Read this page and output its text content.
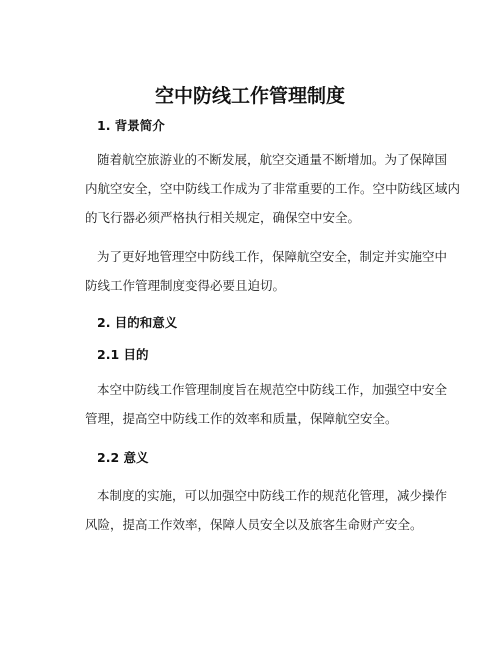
空中防线工作管理制度
1. 背景简介
随着航空旅游业的不断发展，航空交通量不断增加。为了保障国
内航空安全，空中防线工作成为了非常重要的工作。空中防线区域内
的飞行器必须严格执行相关规定，确保空中安全。
为了更好地管理空中防线工作，保障航空安全，制定并实施空中
防线工作管理制度变得必要且迫切。
2. 目的和意义
2.1 目的
本空中防线工作管理制度旨在规范空中防线工作，加强空中安全
管理，提高空中防线工作的效率和质量，保障航空安全。
2.2 意义
本制度的实施，可以加强空中防线工作的规范化管理，减少操作
风险，提高工作效率，保障人员安全以及旅客生命财产安全。
